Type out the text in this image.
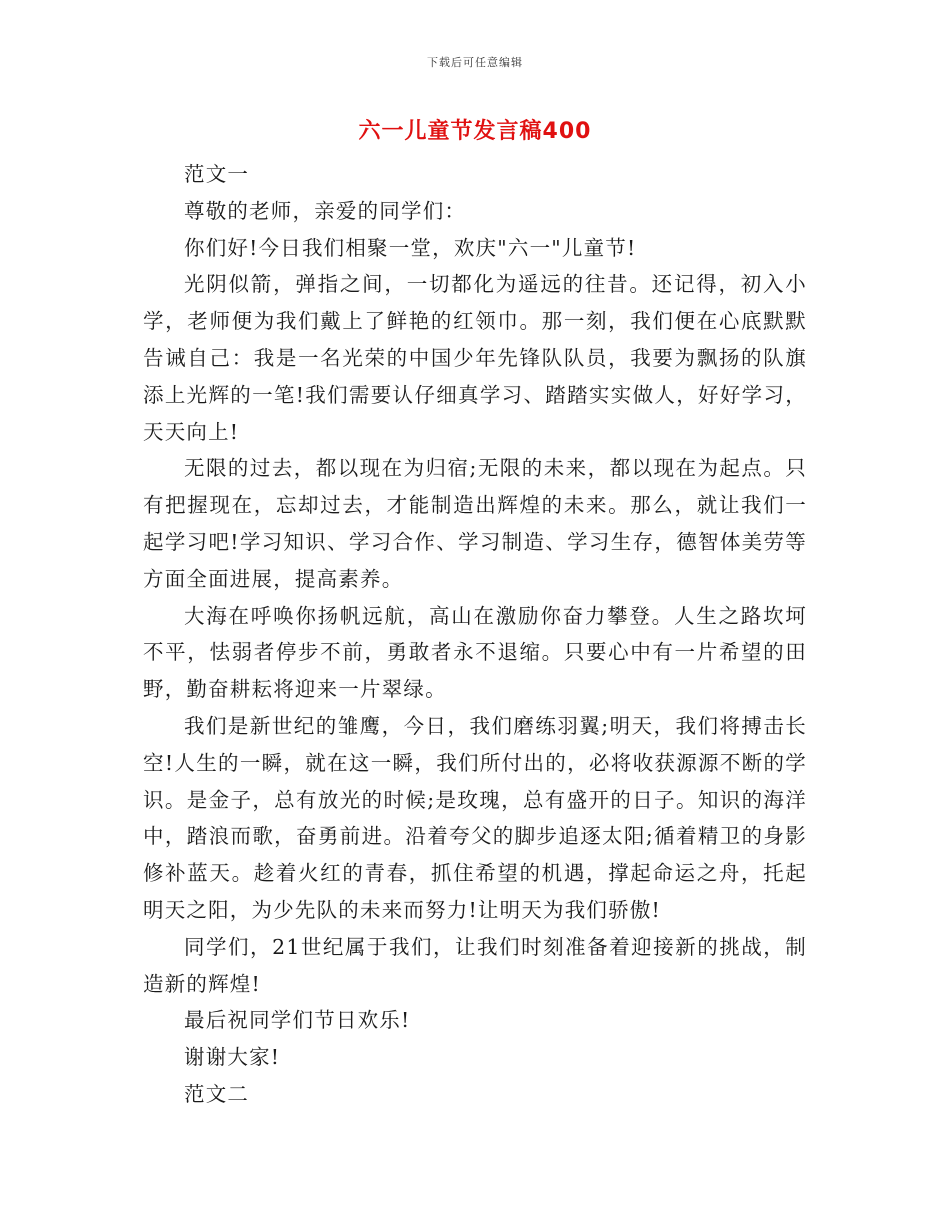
下载后可任意编辑
六一儿童节发言稿400

范文一

尊敬的老师，亲爱的同学们：

你们好!今日我们相聚一堂，欢庆"六一"儿童节!

光阴似箭，弹指之间，一切都化为遥远的往昔。还记得，初入小学，老师便为我们戴上了鲜艳的红领巾。那一刻，我们便在心底默默告诫自己：我是一名光荣的中国少年先锋队队员，我要为飘扬的队旗添上光辉的一笔!我们需要认仔细真学习、踏踏实实做人，好好学习，天天向上!

无限的过去，都以现在为归宿;无限的未来，都以现在为起点。只有把握现在，忘却过去，才能制造出辉煌的未来。那么，就让我们一起学习吧!学习知识、学习合作、学习制造、学习生存，德智体美劳等方面全面进展，提高素养。

大海在呼唤你扬帆远航，高山在激励你奋力攀登。人生之路坎坷不平，怯弱者停步不前，勇敢者永不退缩。只要心中有一片希望的田野，勤奋耕耘将迎来一片翠绿。

我们是新世纪的雏鹰，今日，我们磨练羽翼;明天，我们将搏击长空!人生的一瞬，就在这一瞬，我们所付出的，必将收获源源不断的学识。是金子，总有放光的时候;是玫瑰，总有盛开的日子。知识的海洋中，踏浪而歌，奋勇前进。沿着夸父的脚步追逐太阳;循着精卫的身影修补蓝天。趁着火红的青春，抓住希望的机遇，撑起命运之舟，托起明天之阳，为少先队的未来而努力!让明天为我们骄傲!

同学们，21世纪属于我们，让我们时刻准备着迎接新的挑战，制造新的辉煌!

最后祝同学们节日欢乐!

谢谢大家!

范文二
